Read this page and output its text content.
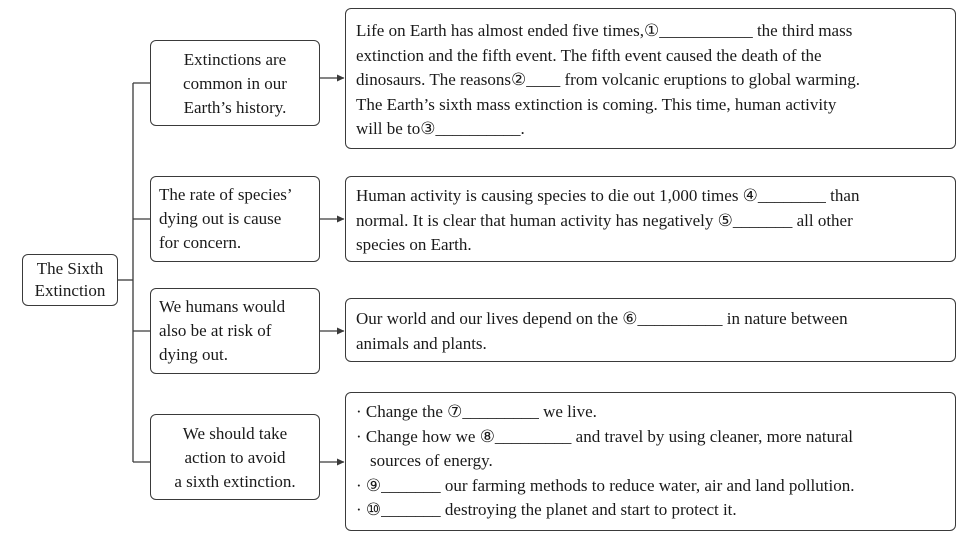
The Sixth
Extinction
Extinctions are
common in our
Earth’s history.
The rate of species’
dying out is cause
for concern.
We humans would
also be at risk of
dying out.
We should take
action to avoid
a sixth extinction.
Life on Earth has almost ended five times,①___________ the third mass
extinction and the fifth event. The fifth event caused the death of the
dinosaurs. The reasons②____ from volcanic eruptions to global warming.
The Earth’s sixth mass extinction is coming. This time, human activity
will be to③__________.
Human activity is causing species to die out 1,000 times ④________ than
normal. It is clear that human activity has negatively ⑤_______ all other
species on Earth.
Our world and our lives depend on the ⑥__________ in nature between
animals and plants.
· Change the ⑦_________ we live.
· Change how we ⑧_________ and travel by using cleaner, more natural
sources of energy.
· ⑨_______ our farming methods to reduce water, air and land pollution.
· ⑩_______ destroying the planet and start to protect it.
